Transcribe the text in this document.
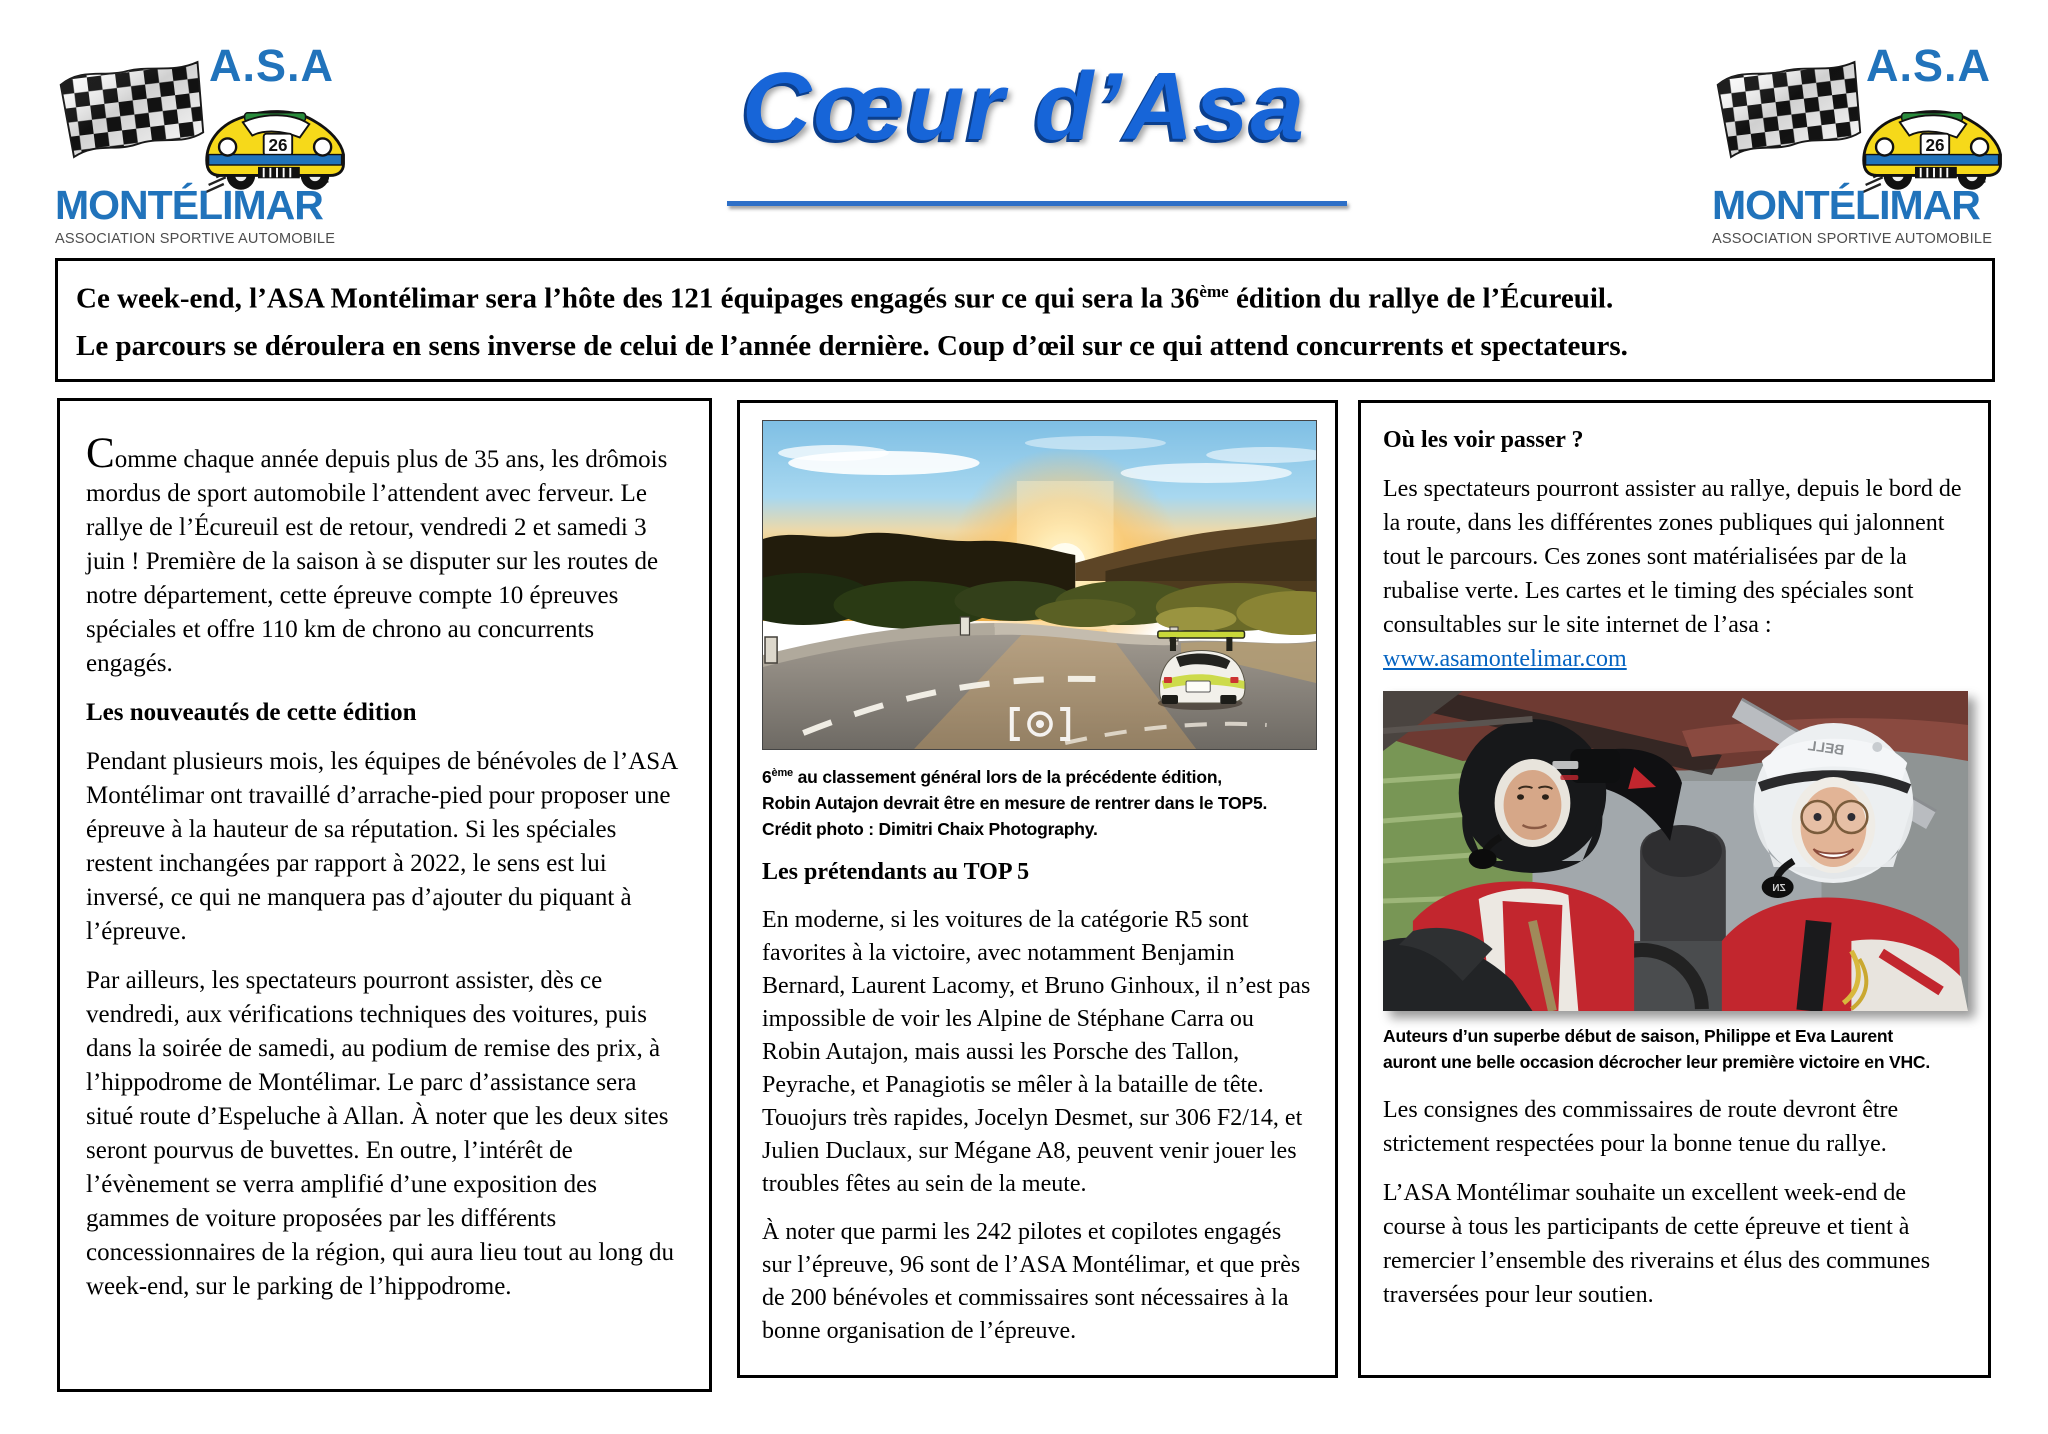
A.S.A
26
MONTÉLIMAR
ASSOCIATION SPORTIVE AUTOMOBILE
A.S.A
26
MONTÉLIMAR
ASSOCIATION SPORTIVE AUTOMOBILE
Cœur d’Asa
Ce week-end, l’ASA Montélimar sera l’hôte des 121 équipages engagés sur ce qui sera la 36ème édition du rallye de l’Écureuil.
Le parcours se déroulera en sens inverse de celui de l’année dernière. Coup d’œil sur ce qui attend concurrents et spectateurs.

Comme chaque année depuis plus de 35 ans, les drômois mordus de sport automobile l’attendent avec ferveur. Le rallye de l’Écureuil est de retour, vendredi 2 et samedi 3 juin ! Première de la saison à se disputer sur les routes de notre département, cette épreuve compte 10 épreuves spéciales et offre 110 km de chrono au concurrents engagés.

Les nouveautés de cette édition

Pendant plusieurs mois, les équipes de bénévoles de l’ASA Montélimar ont travaillé d’arrache-pied pour proposer une épreuve à la hauteur de sa réputation. Si les spéciales restent inchangées par rapport à 2022, le sens est lui inversé, ce qui ne manquera pas d’ajouter du piquant à l’épreuve.

Par ailleurs, les spectateurs pourront assister, dès ce vendredi, aux vérifications techniques des voitures, puis dans la soirée de samedi, au podium de remise des prix, à l’hippodrome de Montélimar. Le parc d’assistance sera situé route d’Espeluche à Allan. À noter que les deux sites seront pourvus de buvettes. En outre, l’intérêt de l’évènement se verra amplifié d’une exposition des gammes de voiture proposées par les différents concessionnaires de la région, qui aura lieu tout au long du week-end, sur le parking de l’hippodrome.

6ème au classement général lors de la précédente édition,
Robin Autajon devrait être en mesure de rentrer dans le TOP5.
Crédit photo : Dimitri Chaix Photography.

Les prétendants au TOP 5

En moderne, si les voitures de la catégorie R5 sont favorites à la victoire, avec notamment Benjamin Bernard, Laurent Lacomy, et Bruno Ginhoux, il n’est pas impossible de voir les Alpine de Stéphane Carra ou Robin Autajon, mais aussi les Porsche des Tallon, Peyrache, et Panagiotis se mêler à la bataille de tête. Touojurs très rapides, Jocelyn Desmet, sur 306 F2/14, et Julien Duclaux, sur Mégane A8, peuvent venir jouer les troubles fêtes au sein de la meute.

À noter que parmi les 242 pilotes et copilotes engagés sur l’épreuve, 96 sont de l’ASA Montélimar, et que près de 200 bénévoles et commissaires sont nécessaires à la bonne organisation de l’épreuve.

Où les voir passer ?

Les spectateurs pourront assister au rallye, depuis le bord de la route, dans les différentes zones publiques qui jalonnent tout le parcours. Ces zones sont matérialisées par de la rubalise verte. Les cartes et le timing des spéciales sont consultables sur le site internet de l’asa : www.asamontelimar.com

ZN
BELL
Auteurs d’un superbe début de saison, Philippe et Eva Laurent
auront une belle occasion décrocher leur première victoire en VHC.

Les consignes des commissaires de route devront être strictement respectées pour la bonne tenue du rallye.

L’ASA Montélimar souhaite un excellent week-end de course à tous les participants de cette épreuve et tient à remercier l’ensemble des riverains et élus des communes traversées pour leur soutien.
